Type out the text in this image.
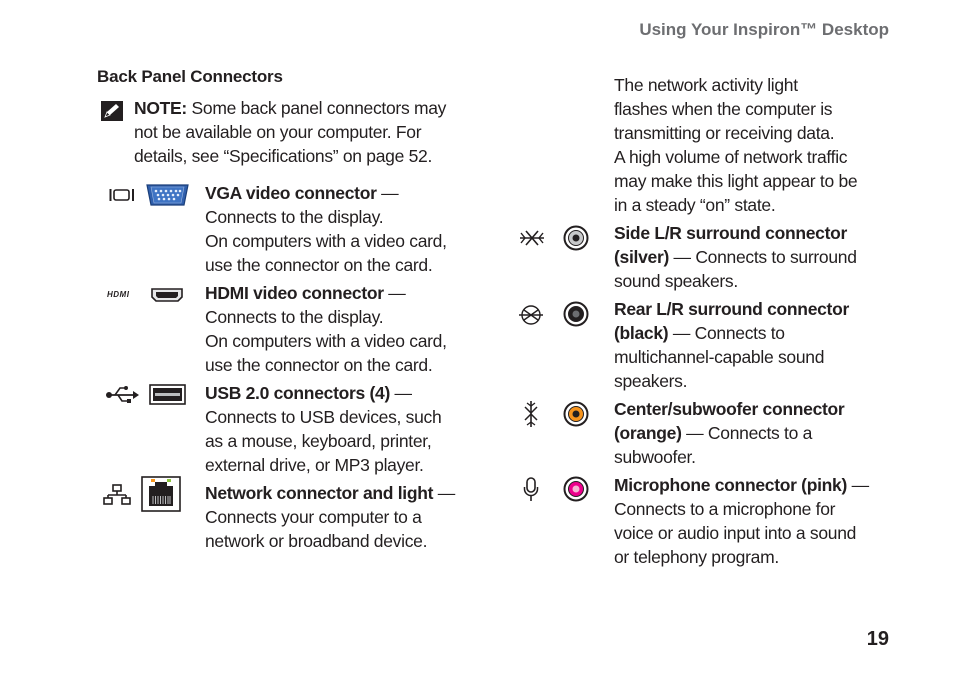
Using Your Inspiron™ Desktop
Back Panel Connectors
NOTE: Some back panel connectors may
not be available on your computer. For
details, see “Specifications” on page 52.
VGA video connector —
Connects to the display.
On computers with a video card,
use the connector on the card.
HDMI	HDMI video connector —
Connects to the display.
On computers with a video card,
use the connector on the card.
USB 2.0 connectors (4) —
Connects to USB devices, such
as a mouse, keyboard, printer,
external drive, or MP3 player.
Network connector and light —
Connects your computer to a
network or broadband device.
The network activity light
flashes when the computer is
transmitting or receiving data.
A high volume of network traffic
may make this light appear to be
in a steady “on” state.
Side L/R surround connector
(silver) — Connects to surround
sound speakers.
Rear L/R surround connector
(black) — Connects to
multichannel-capable sound
speakers.
Center/subwoofer connector
(orange) — Connects to a
subwoofer.
Microphone connector (pink) —
Connects to a microphone for
voice or audio input into a sound
or telephony program.
19
